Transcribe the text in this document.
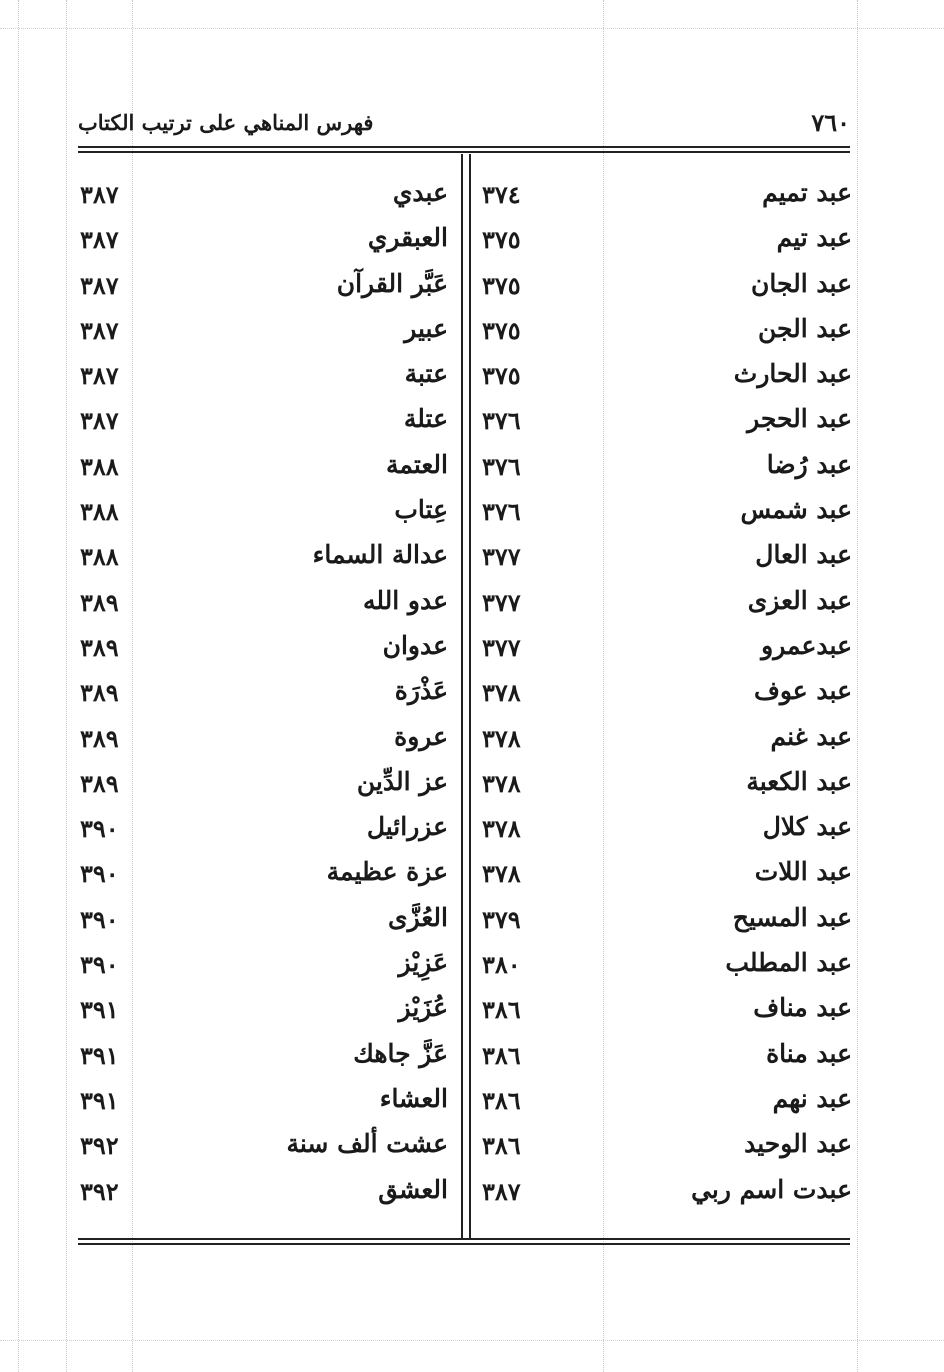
٧٦٠
فهرس المناهي على ترتيب الكتاب
عبد تميم
٣٧٤
عبد تيم
٣٧٥
عبد الجان
٣٧٥
عبد الجن
٣٧٥
عبد الحارث
٣٧٥
عبد الحجر
٣٧٦
عبد رُضا
٣٧٦
عبد شمس
٣٧٦
عبد العال
٣٧٧
عبد العزى
٣٧٧
عبدعمرو
٣٧٧
عبد عوف
٣٧٨
عبد غنم
٣٧٨
عبد الكعبة
٣٧٨
عبد كلال
٣٧٨
عبد اللات
٣٧٨
عبد المسيح
٣٧٩
عبد المطلب
٣٨٠
عبد مناف
٣٨٦
عبد مناة
٣٨٦
عبد نهم
٣٨٦
عبد الوحيد
٣٨٦
عبدت اسم ربي
٣٨٧
عبدي
٣٨٧
العبقري
٣٨٧
عَبَّر القرآن
٣٨٧
عبير
٣٨٧
عتبة
٣٨٧
عتلة
٣٨٧
العتمة
٣٨٨
عِتاب
٣٨٨
عدالة السماء
٣٨٨
عدو الله
٣٨٩
عدوان
٣٨٩
عَذْرَة
٣٨٩
عروة
٣٨٩
عز الدِّين
٣٨٩
عزرائيل
٣٩٠
عزة عظيمة
٣٩٠
العُزَّى
٣٩٠
عَزِيْز
٣٩٠
عُزَيْز
٣٩١
عَزَّ جاهك
٣٩١
العشاء
٣٩١
عشت ألف سنة
٣٩٢
العشق
٣٩٢
